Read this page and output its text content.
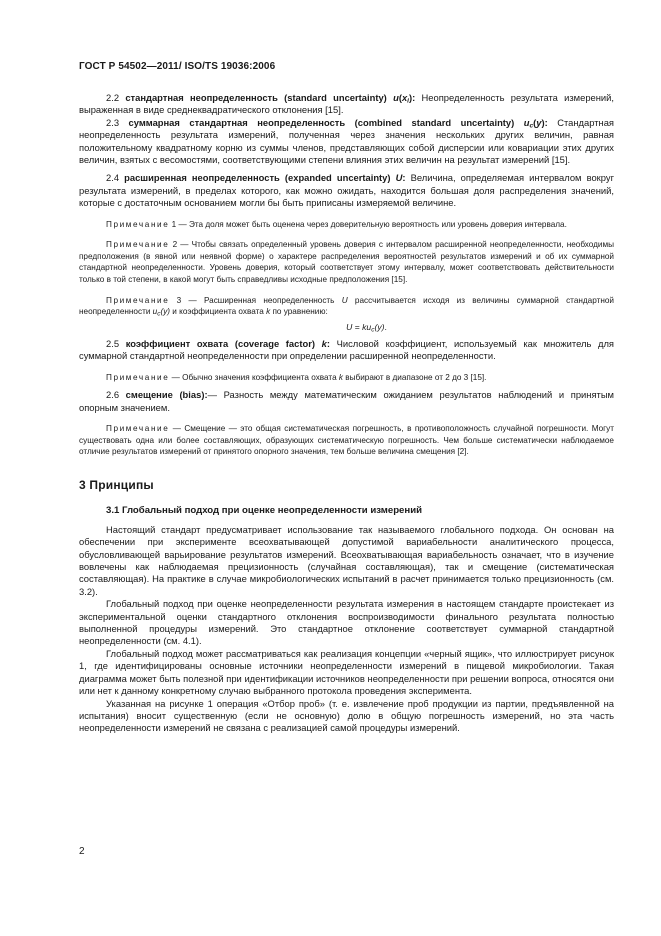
ГОСТ Р 54502—2011/ ISO/TS 19036:2006

2.2 стандартная неопределенность (standard uncertainty) $u(x_i)$: Неопределенность результата измерений, выраженная в виде среднеквадратического отклонения [15].

2.3 суммарная стандартная неопределенность (combined standard uncertainty) $u_c(y)$: Стандартная неопределенность результата измерений, полученная через значения нескольких других величин, равная положительному квадратному корню из суммы членов, представляющих собой дисперсии или ковариации этих других величин, взятых с весомостями, соответствующими степени влияния этих величин на результат измерений [15].

2.4 расширенная неопределенность (expanded uncertainty) U: Величина, определяемая интервалом вокруг результата измерений, в пределах которого, как можно ожидать, находится большая доля распределения значений, которые с достаточным основанием могли бы быть приписаны измеряемой величине.

Примечание 1 — Эта доля может быть оценена через доверительную вероятность или уровень доверия интервала.

Примечание 2 — Чтобы связать определенный уровень доверия с интервалом расширенной неопределенности, необходимы предположения (в явной или неявной форме) о характере распределения вероятностей результатов измерений и об их суммарной стандартной неопределенности. Уровень доверия, который соответствует этому интервалу, может соответствовать действительности только в той степени, в какой могут быть справедливы исходные предположения [15].

Примечание 3 — Расширенная неопределенность U рассчитывается исходя из величины суммарной стандартной неопределенности $u_c(y)$ и коэффициента охвата k по уравнению:

$U = ku_c(y)$.

2.5 коэффициент охвата (coverage factor) k: Числовой коэффициент, используемый как множитель для суммарной стандартной неопределенности при определении расширенной неопределенности.

Примечание — Обычно значения коэффициента охвата k выбирают в диапазоне от 2 до 3 [15].

2.6 смещение (bias):— Разность между математическим ожиданием результатов наблюдений и принятым опорным значением.

Примечание — Смещение — это общая систематическая погрешность, в противоположность случайной погрешности. Могут существовать одна или более составляющих, образующих систематическую погрешность. Чем больше систематически наблюдаемое отличие результатов измерений от принятого опорного значения, тем больше величина смещения [2].

3 Принципы
3.1 Глобальный подход при оценке неопределенности измерений

Настоящий стандарт предусматривает использование так называемого глобального подхода. Он основан на обеспечении при эксперименте всеохватывающей допустимой вариабельности аналитического процесса, обусловливающей варьирование результатов измерений. Всеохватывающая вариабельность означает, что в изучение вовлечены как наблюдаемая прецизионность (случайная составляющая), так и смещение (систематическая составляющая). На практике в случае микробиологических испытаний в расчет принимается только прецизионность (см. 3.2).

Глобальный подход при оценке неопределенности результата измерения в настоящем стандарте проистекает из экспериментальной оценки стандартного отклонения воспроизводимости финального результата полностью выполненной процедуры измерений. Это стандартное отклонение соответствует суммарной стандартной неопределенности (см. 4.1).

Глобальный подход может рассматриваться как реализация концепции «черный ящик», что иллюстрирует рисунок 1, где идентифицированы основные источники неопределенности измерений в пищевой микробиологии. Такая диаграмма может быть полезной при идентификации источников неопределенности при решении вопроса, относятся они или нет к данному конкретному случаю выбранного протокола проведения эксперимента.

Указанная на рисунке 1 операция «Отбор проб» (т. е. извлечение проб продукции из партии, предъявленной на испытания) вносит существенную (если не основную) долю в общую погрешность измерений, но эта часть неопределенности измерений не связана с реализацией самой процедуры измерений.

2
